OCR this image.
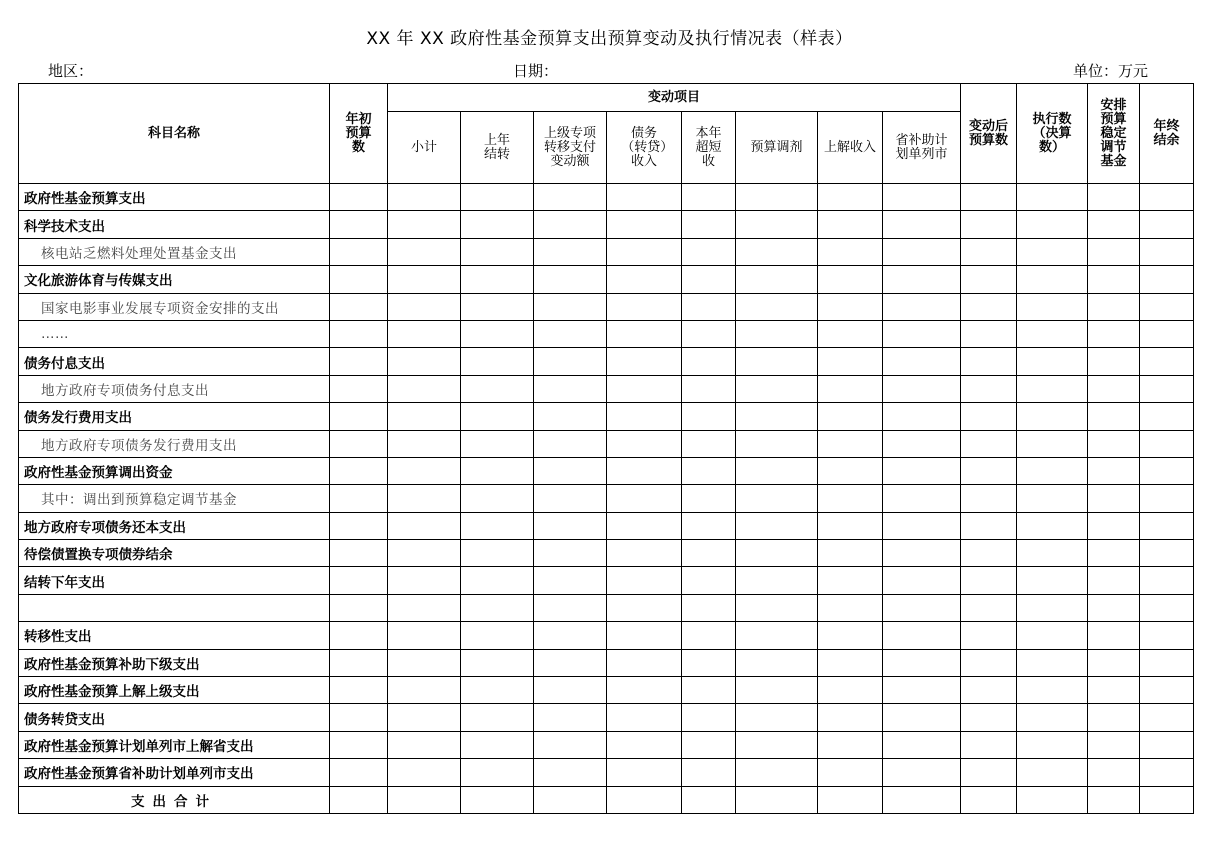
XX 年 XX 政府性基金预算支出预算变动及执行情况表（样表）
地区：	日期：	单位：万元
科目名称	年初预算数	变动项目								变动后预算数	执行数（决算数）	安排预算稳定调节基金	年终结余
		小计	上年结转	上级专项转移支付变动额	债务（转贷）收入	本年超短收	预算调剂	上解收入	省补助计划单列市				
政府性基金预算支出													
科学技术支出													
核电站乏燃料处理处置基金支出													
文化旅游体育与传媒支出													
国家电影事业发展专项资金安排的支出													
……													
债务付息支出													
地方政府专项债务付息支出													
债务发行费用支出													
地方政府专项债务发行费用支出													
政府性基金预算调出资金													
其中：调出到预算稳定调节基金													
地方政府专项债务还本支出													
待偿债置换专项债券结余													
结转下年支出													

转移性支出													
政府性基金预算补助下级支出													
政府性基金预算上解上级支出													
债务转贷支出													
政府性基金预算计划单列市上解省支出													
政府性基金预算省补助计划单列市支出													
支出合计													
